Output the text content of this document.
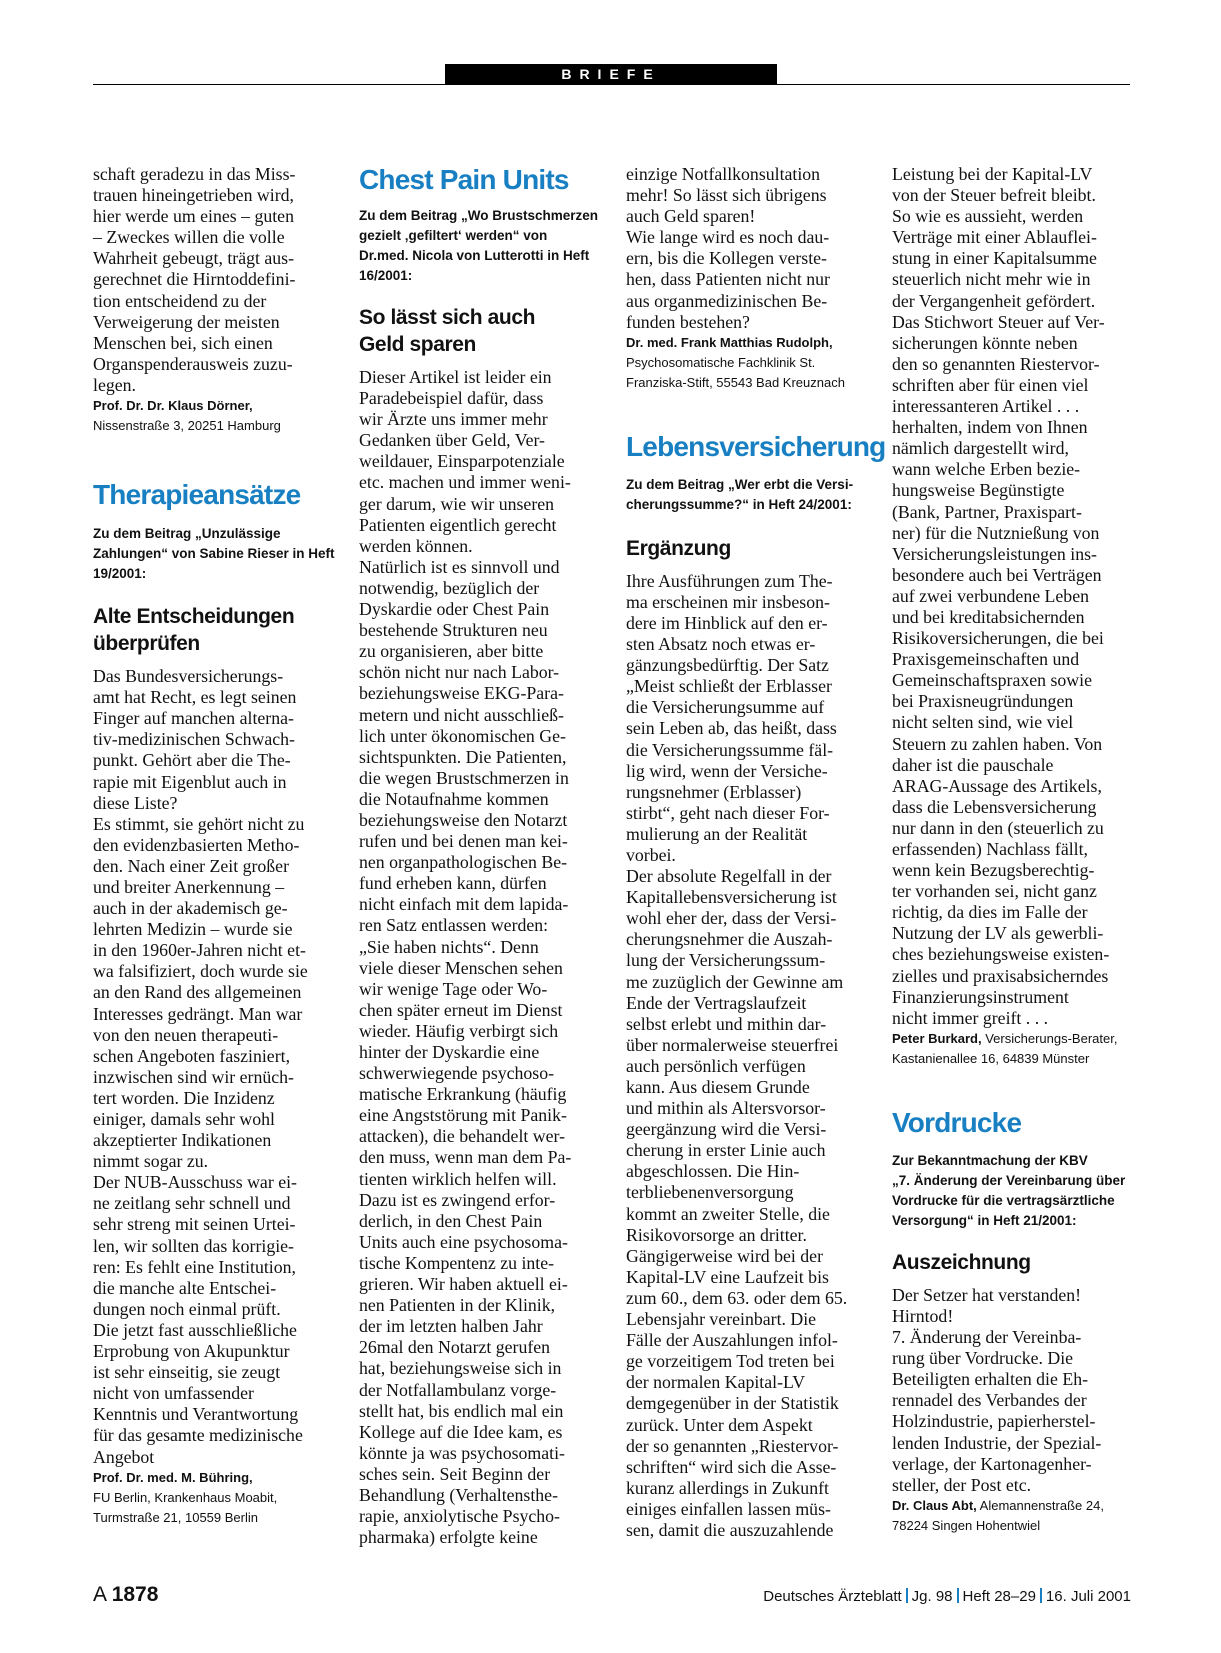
BRIEFE

schaft geradezu in das Miss-

trauen hineingetrieben wird,

hier werde um eines – guten

– Zweckes willen die volle

Wahrheit gebeugt, trägt aus-

gerechnet die Hirntoddefini-

tion entscheidend zu der

Verweigerung der meisten

Menschen bei, sich einen

Organspenderausweis zuzu-

legen.

Prof. Dr. Dr. Klaus Dörner,
Nissenstraße 3, 20251 Hamburg
Therapieansätze
Zu dem Beitrag „Unzulässige
Zahlungen“ von Sabine Rieser in Heft
19/2001:
Alte Entscheidungen
überprüfen

Das Bundesversicherungs-

amt hat Recht, es legt seinen

Finger auf manchen alterna-

tiv-medizinischen Schwach-

punkt. Gehört aber die The-

rapie mit Eigenblut auch in

diese Liste?

Es stimmt, sie gehört nicht zu

den evidenzbasierten Metho-

den. Nach einer Zeit großer

und breiter Anerkennung –

auch in der akademisch ge-

lehrten Medizin – wurde sie

in den 1960er-Jahren nicht et-

wa falsifiziert, doch wurde sie

an den Rand des allgemeinen

Interesses gedrängt. Man war

von den neuen therapeuti-

schen Angeboten fasziniert,

inzwischen sind wir ernüch-

tert worden. Die Inzidenz

einiger, damals sehr wohl

akzeptierter Indikationen

nimmt sogar zu.

Der NUB-Ausschuss war ei-

ne zeitlang sehr schnell und

sehr streng mit seinen Urtei-

len, wir sollten das korrigie-

ren: Es fehlt eine Institution,

die manche alte Entschei-

dungen noch einmal prüft.

Die jetzt fast ausschließliche

Erprobung von Akupunktur

ist sehr einseitig, sie zeugt

nicht von umfassender

Kenntnis und Verantwortung

für das gesamte medizinische

Angebot

Prof. Dr. med. M. Bühring,
FU Berlin, Krankenhaus Moabit,
Turmstraße 21, 10559 Berlin
Chest Pain Units
Zu dem Beitrag „Wo Brustschmerzen
gezielt ‚gefiltert‘ werden“ von
Dr.med. Nicola von Lutterotti in Heft
16/2001:
So lässt sich auch
Geld sparen

Dieser Artikel ist leider ein

Paradebeispiel dafür, dass

wir Ärzte uns immer mehr

Gedanken über Geld, Ver-

weildauer, Einsparpotenziale

etc. machen und immer weni-

ger darum, wie wir unseren

Patienten eigentlich gerecht

werden können.

Natürlich ist es sinnvoll und

notwendig, bezüglich der

Dyskardie oder Chest Pain

bestehende Strukturen neu

zu organisieren, aber bitte

schön nicht nur nach Labor-

beziehungsweise EKG-Para-

metern und nicht ausschließ-

lich unter ökonomischen Ge-

sichtspunkten. Die Patienten,

die wegen Brustschmerzen in

die Notaufnahme kommen

beziehungsweise den Notarzt

rufen und bei denen man kei-

nen organpathologischen Be-

fund erheben kann, dürfen

nicht einfach mit dem lapida-

ren Satz entlassen werden:

„Sie haben nichts“. Denn

viele dieser Menschen sehen

wir wenige Tage oder Wo-

chen später erneut im Dienst

wieder. Häufig verbirgt sich

hinter der Dyskardie eine

schwerwiegende psychoso-

matische Erkrankung (häufig

eine Angststörung mit Panik-

attacken), die behandelt wer-

den muss, wenn man dem Pa-

tienten wirklich helfen will.

Dazu ist es zwingend erfor-

derlich, in den Chest Pain

Units auch eine psychosoma-

tische Kompentenz zu inte-

grieren. Wir haben aktuell ei-

nen Patienten in der Klinik,

der im letzten halben Jahr

26mal den Notarzt gerufen

hat, beziehungsweise sich in

der Notfallambulanz vorge-

stellt hat, bis endlich mal ein

Kollege auf die Idee kam, es

könnte ja was psychosomati-

sches sein. Seit Beginn der

Behandlung (Verhaltensthe-

rapie, anxiolytische Psycho-

pharmaka) erfolgte keine

einzige Notfallkonsultation

mehr! So lässt sich übrigens

auch Geld sparen!

Wie lange wird es noch dau-

ern, bis die Kollegen verste-

hen, dass Patienten nicht nur

aus organmedizinischen Be-

funden bestehen?

Dr. med. Frank Matthias Rudolph,
Psychosomatische Fachklinik St.
Franziska-Stift, 55543 Bad Kreuznach
Lebensversicherung
Zu dem Beitrag „Wer erbt die Versi-
cherungssumme?“ in Heft 24/2001:
Ergänzung

Ihre Ausführungen zum The-

ma erscheinen mir insbeson-

dere im Hinblick auf den er-

sten Absatz noch etwas er-

gänzungsbedürftig. Der Satz

„Meist schließt der Erblasser

die Versicherungsumme auf

sein Leben ab, das heißt, dass

die Versicherungssumme fäl-

lig wird, wenn der Versiche-

rungsnehmer (Erblasser)

stirbt“, geht nach dieser For-

mulierung an der Realität

vorbei.

Der absolute Regelfall in der

Kapitallebensversicherung ist

wohl eher der, dass der Versi-

cherungsnehmer die Auszah-

lung der Versicherungssum-

me zuzüglich der Gewinne am

Ende der Vertragslaufzeit

selbst erlebt und mithin dar-

über normalerweise steuerfrei

auch persönlich verfügen

kann. Aus diesem Grunde

und mithin als Altersvorsor-

geergänzung wird die Versi-

cherung in erster Linie auch

abgeschlossen. Die Hin-

terbliebenenversorgung

kommt an zweiter Stelle, die

Risikovorsorge an dritter.

Gängigerweise wird bei der

Kapital-LV eine Laufzeit bis

zum 60., dem 63. oder dem 65.

Lebensjahr vereinbart. Die

Fälle der Auszahlungen infol-

ge vorzeitigem Tod treten bei

der normalen Kapital-LV

demgegenüber in der Statistik

zurück. Unter dem Aspekt

der so genannten „Riestervor-

schriften“ wird sich die Asse-

kuranz allerdings in Zukunft

einiges einfallen lassen müs-

sen, damit die auszuzahlende

Leistung bei der Kapital-LV

von der Steuer befreit bleibt.

So wie es aussieht, werden

Verträge mit einer Ablauflei-

stung in einer Kapitalsumme

steuerlich nicht mehr wie in

der Vergangenheit gefördert.

Das Stichwort Steuer auf Ver-

sicherungen könnte neben

den so genannten Riestervor-

schriften aber für einen viel

interessanteren Artikel . . .

herhalten, indem von Ihnen

nämlich dargestellt wird,

wann welche Erben bezie-

hungsweise Begünstigte

(Bank, Partner, Praxispart-

ner) für die Nutznießung von

Versicherungsleistungen ins-

besondere auch bei Verträgen

auf zwei verbundene Leben

und bei kreditabsichernden

Risikoversicherungen, die bei

Praxisgemeinschaften und

Gemeinschaftspraxen sowie

bei Praxisneugründungen

nicht selten sind, wie viel

Steuern zu zahlen haben. Von

daher ist die pauschale

ARAG-Aussage des Artikels,

dass die Lebensversicherung

nur dann in den (steuerlich zu

erfassenden) Nachlass fällt,

wenn kein Bezugsberechtig-

ter vorhanden sei, nicht ganz

richtig, da dies im Falle der

Nutzung der LV als gewerbli-

ches beziehungsweise existen-

zielles und praxisabsicherndes

Finanzierungsinstrument

nicht immer greift . . .

Peter Burkard, Versicherungs-Berater,
Kastanienallee 16, 64839 Münster
Vordrucke
Zur Bekanntmachung der KBV
„7. Änderung der Vereinbarung über
Vordrucke für die vertragsärztliche
Versorgung“ in Heft 21/2001:
Auszeichnung

Der Setzer hat verstanden!

Hirntod!

7. Änderung der Vereinba-

rung über Vordrucke. Die

Beteiligten erhalten die Eh-

rennadel des Verbandes der

Holzindustrie, papierherstel-

lenden Industrie, der Spezial-

verlage, der Kartonagenher-

steller, der Post etc.

Dr. Claus Abt, Alemannenstraße 24,
78224 Singen Hohentwiel
A 1878	Deutsches Ärzteblatt Jg. 98 Heft 28–29 16. Juli 2001
